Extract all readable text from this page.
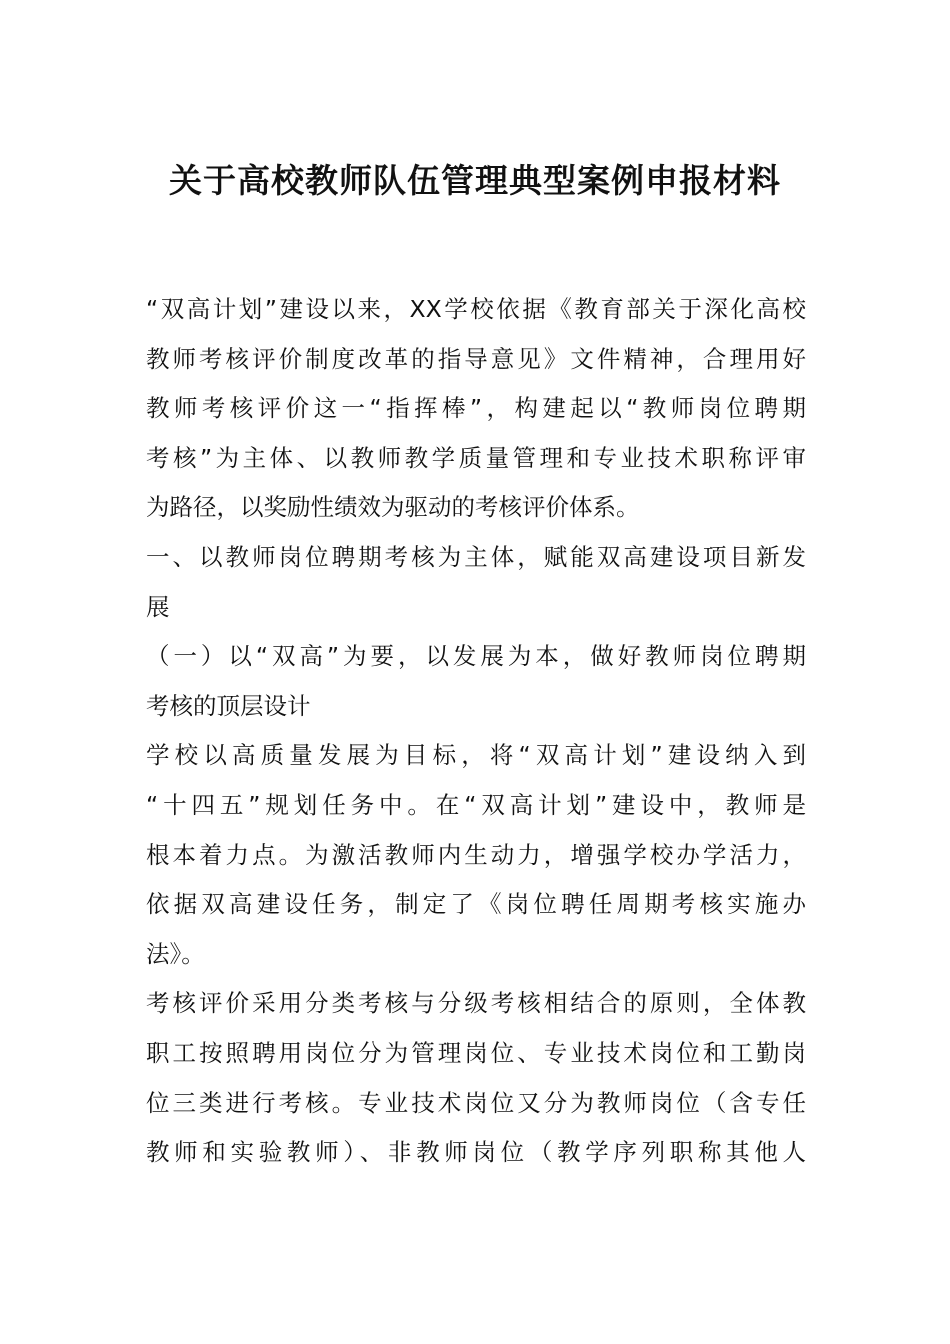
关于高校教师队伍管理典型案例申报材料
“双高计划”建设以来，XX学校依据《教育部关于深化高校
教师考核评价制度改革的指导意见》文件精神，合理用好
教师考核评价这一“指挥棒”，构建起以“教师岗位聘期
考核”为主体、以教师教学质量管理和专业技术职称评审
为路径，以奖励性绩效为驱动的考核评价体系。
一、以教师岗位聘期考核为主体，赋能双高建设项目新发
展
（一）以“双高”为要，以发展为本，做好教师岗位聘期
考核的顶层设计
学校以高质量发展为目标，将“双高计划”建设纳入到
“十四五”规划任务中。在“双高计划”建设中，教师是
根本着力点。为激活教师内生动力，增强学校办学活力，
依据双高建设任务，制定了《岗位聘任周期考核实施办
法》。
考核评价采用分类考核与分级考核相结合的原则，全体教
职工按照聘用岗位分为管理岗位、专业技术岗位和工勤岗
位三类进行考核。专业技术岗位又分为教师岗位（含专任
教师和实验教师）、非教师岗位（教学序列职称其他人
